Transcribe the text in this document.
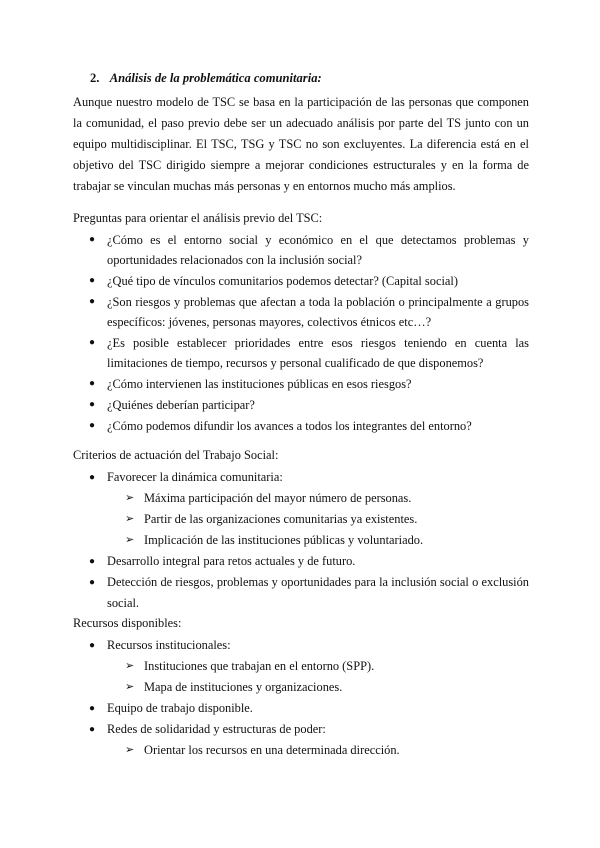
2. Análisis de la problemática comunitaria:

Aunque nuestro modelo de TSC se basa en la participación de las personas que componen la comunidad, el paso previo debe ser un adecuado análisis por parte del TS junto con un equipo multidisciplinar. El TSC, TSG y TSC no son excluyentes. La diferencia está en el objetivo del TSC dirigido siempre a mejorar condiciones estructurales y en la forma de trabajar se vinculan muchas más personas y en entornos mucho más amplios.

Preguntas para orientar el análisis previo del TSC:

● ¿Cómo es el entorno social y económico en el que detectamos problemas y oportunidades relacionados con la inclusión social?
● ¿Qué tipo de vínculos comunitarios podemos detectar? (Capital social)
● ¿Son riesgos y problemas que afectan a toda la población o principalmente a grupos específicos: jóvenes, personas mayores, colectivos étnicos etc…?
● ¿Es posible establecer prioridades entre esos riesgos teniendo en cuenta las limitaciones de tiempo, recursos y personal cualificado de que disponemos?
● ¿Cómo intervienen las instituciones públicas en esos riesgos?
● ¿Quiénes deberían participar?
● ¿Cómo podemos difundir los avances a todos los integrantes del entorno?

Criterios de actuación del Trabajo Social:

● Favorecer la dinámica comunitaria:
➢ Máxima participación del mayor número de personas.
➢ Partir de las organizaciones comunitarias ya existentes.
➢ Implicación de las instituciones públicas y voluntariado.
● Desarrollo integral para retos actuales y de futuro.
● Detección de riesgos, problemas y oportunidades para la inclusión social o exclusión social.

Recursos disponibles:

● Recursos institucionales:
➢ Instituciones que trabajan en el entorno (SPP).
➢ Mapa de instituciones y organizaciones.
● Equipo de trabajo disponible.
● Redes de solidaridad y estructuras de poder:
➢ Orientar los recursos en una determinada dirección.
